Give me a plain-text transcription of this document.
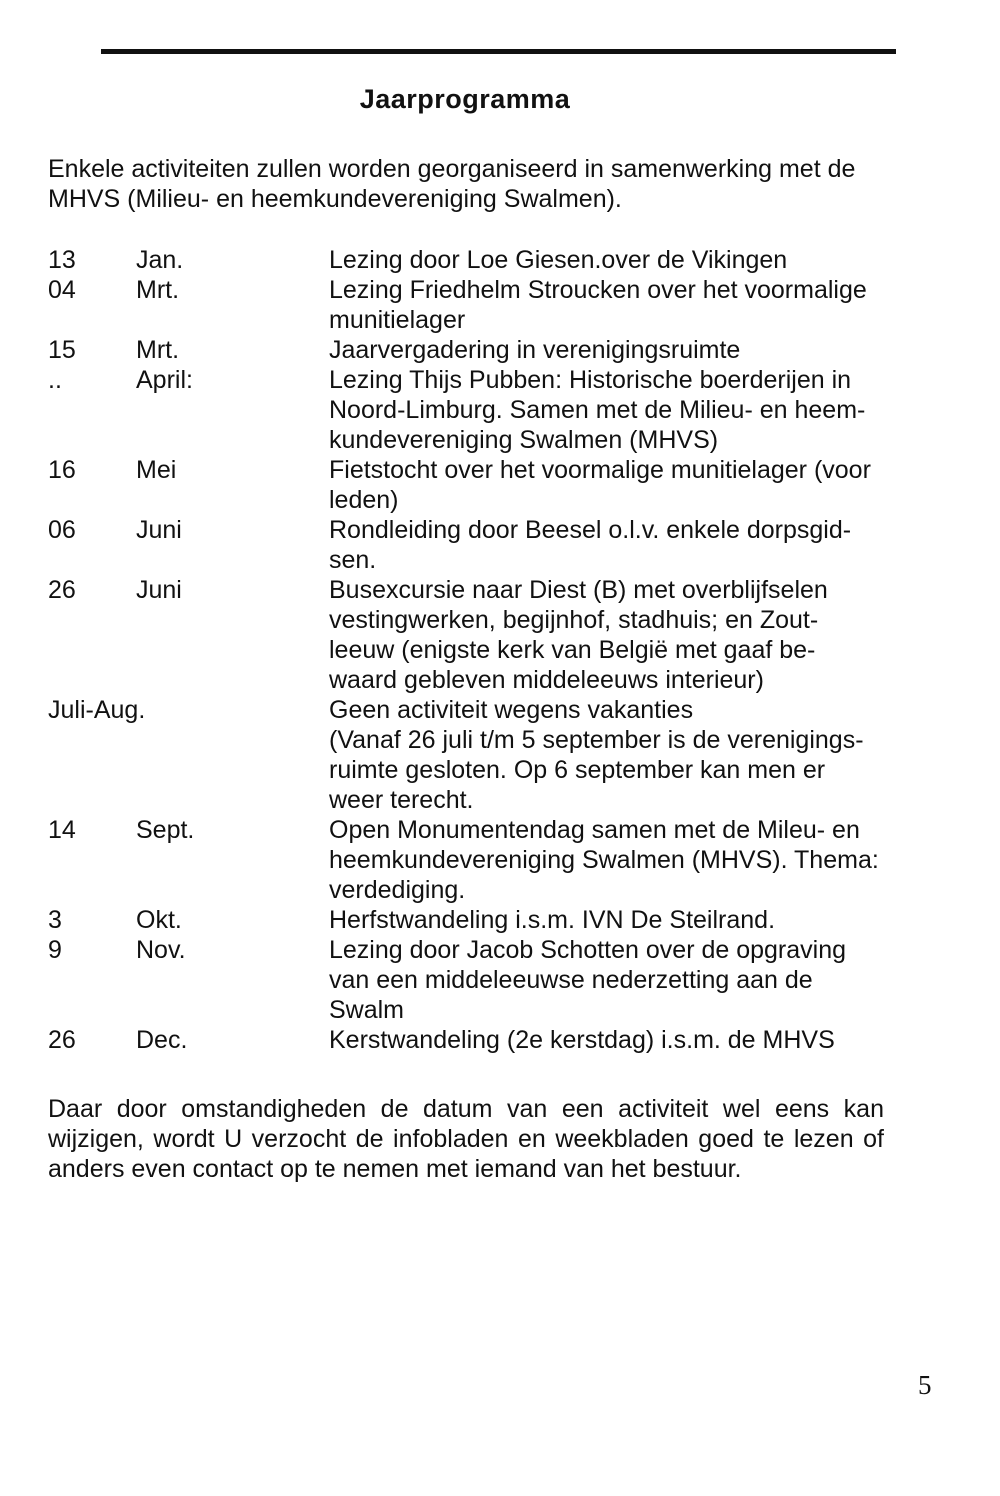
Jaarprogramma
Enkele activiteiten zullen worden georganiseerd in samenwerking met de MHVS (Milieu- en heemkundevereniging Swalmen).
13 Jan.	Lezing door Loe Giesen.over de Vikingen
04 Mrt.	Lezing Friedhelm Stroucken over het voormalige
munitielager
15 Mrt.	Jaarvergadering in verenigingsruimte
..	April:	Lezing Thijs Pubben: Historische boerderijen in
Noord-Limburg. Samen met de Milieu- en heem-
kundevereniging Swalmen (MHVS)
16 Mei	Fietstocht over het voormalige munitielager (voor
leden)
06 Juni	Rondleiding door Beesel o.l.v. enkele dorpsgid-
sen.
26 Juni	Busexcursie naar Diest (B) met overblijfselen
vestingwerken, begijnhof, stadhuis; en Zout-
leeuw (enigste kerk van België met gaaf be-
waard gebleven middeleeuws interieur)
Juli-Aug.	Geen activiteit wegens vakanties
(Vanaf 26 juli t/m 5 september is de verenigings-
ruimte gesloten. Op 6 september kan men er
weer terecht.
14 Sept.	Open Monumentendag samen met de Mileu- en
heemkundevereniging Swalmen (MHVS). Thema:
verdediging.
3	Okt.	Herfstwandeling i.s.m. IVN De Steilrand.
9	Nov.	Lezing door Jacob Schotten over de opgraving
van een middeleeuwse nederzetting aan de
Swalm
26 Dec.	Kerstwandeling (2e kerstdag) i.s.m. de MHVS
Daar door omstandigheden de datum van een activiteit wel eens kan wijzigen, wordt U verzocht de infobladen en weekbladen goed te lezen of anders even contact op te nemen met iemand van het bestuur.
5
